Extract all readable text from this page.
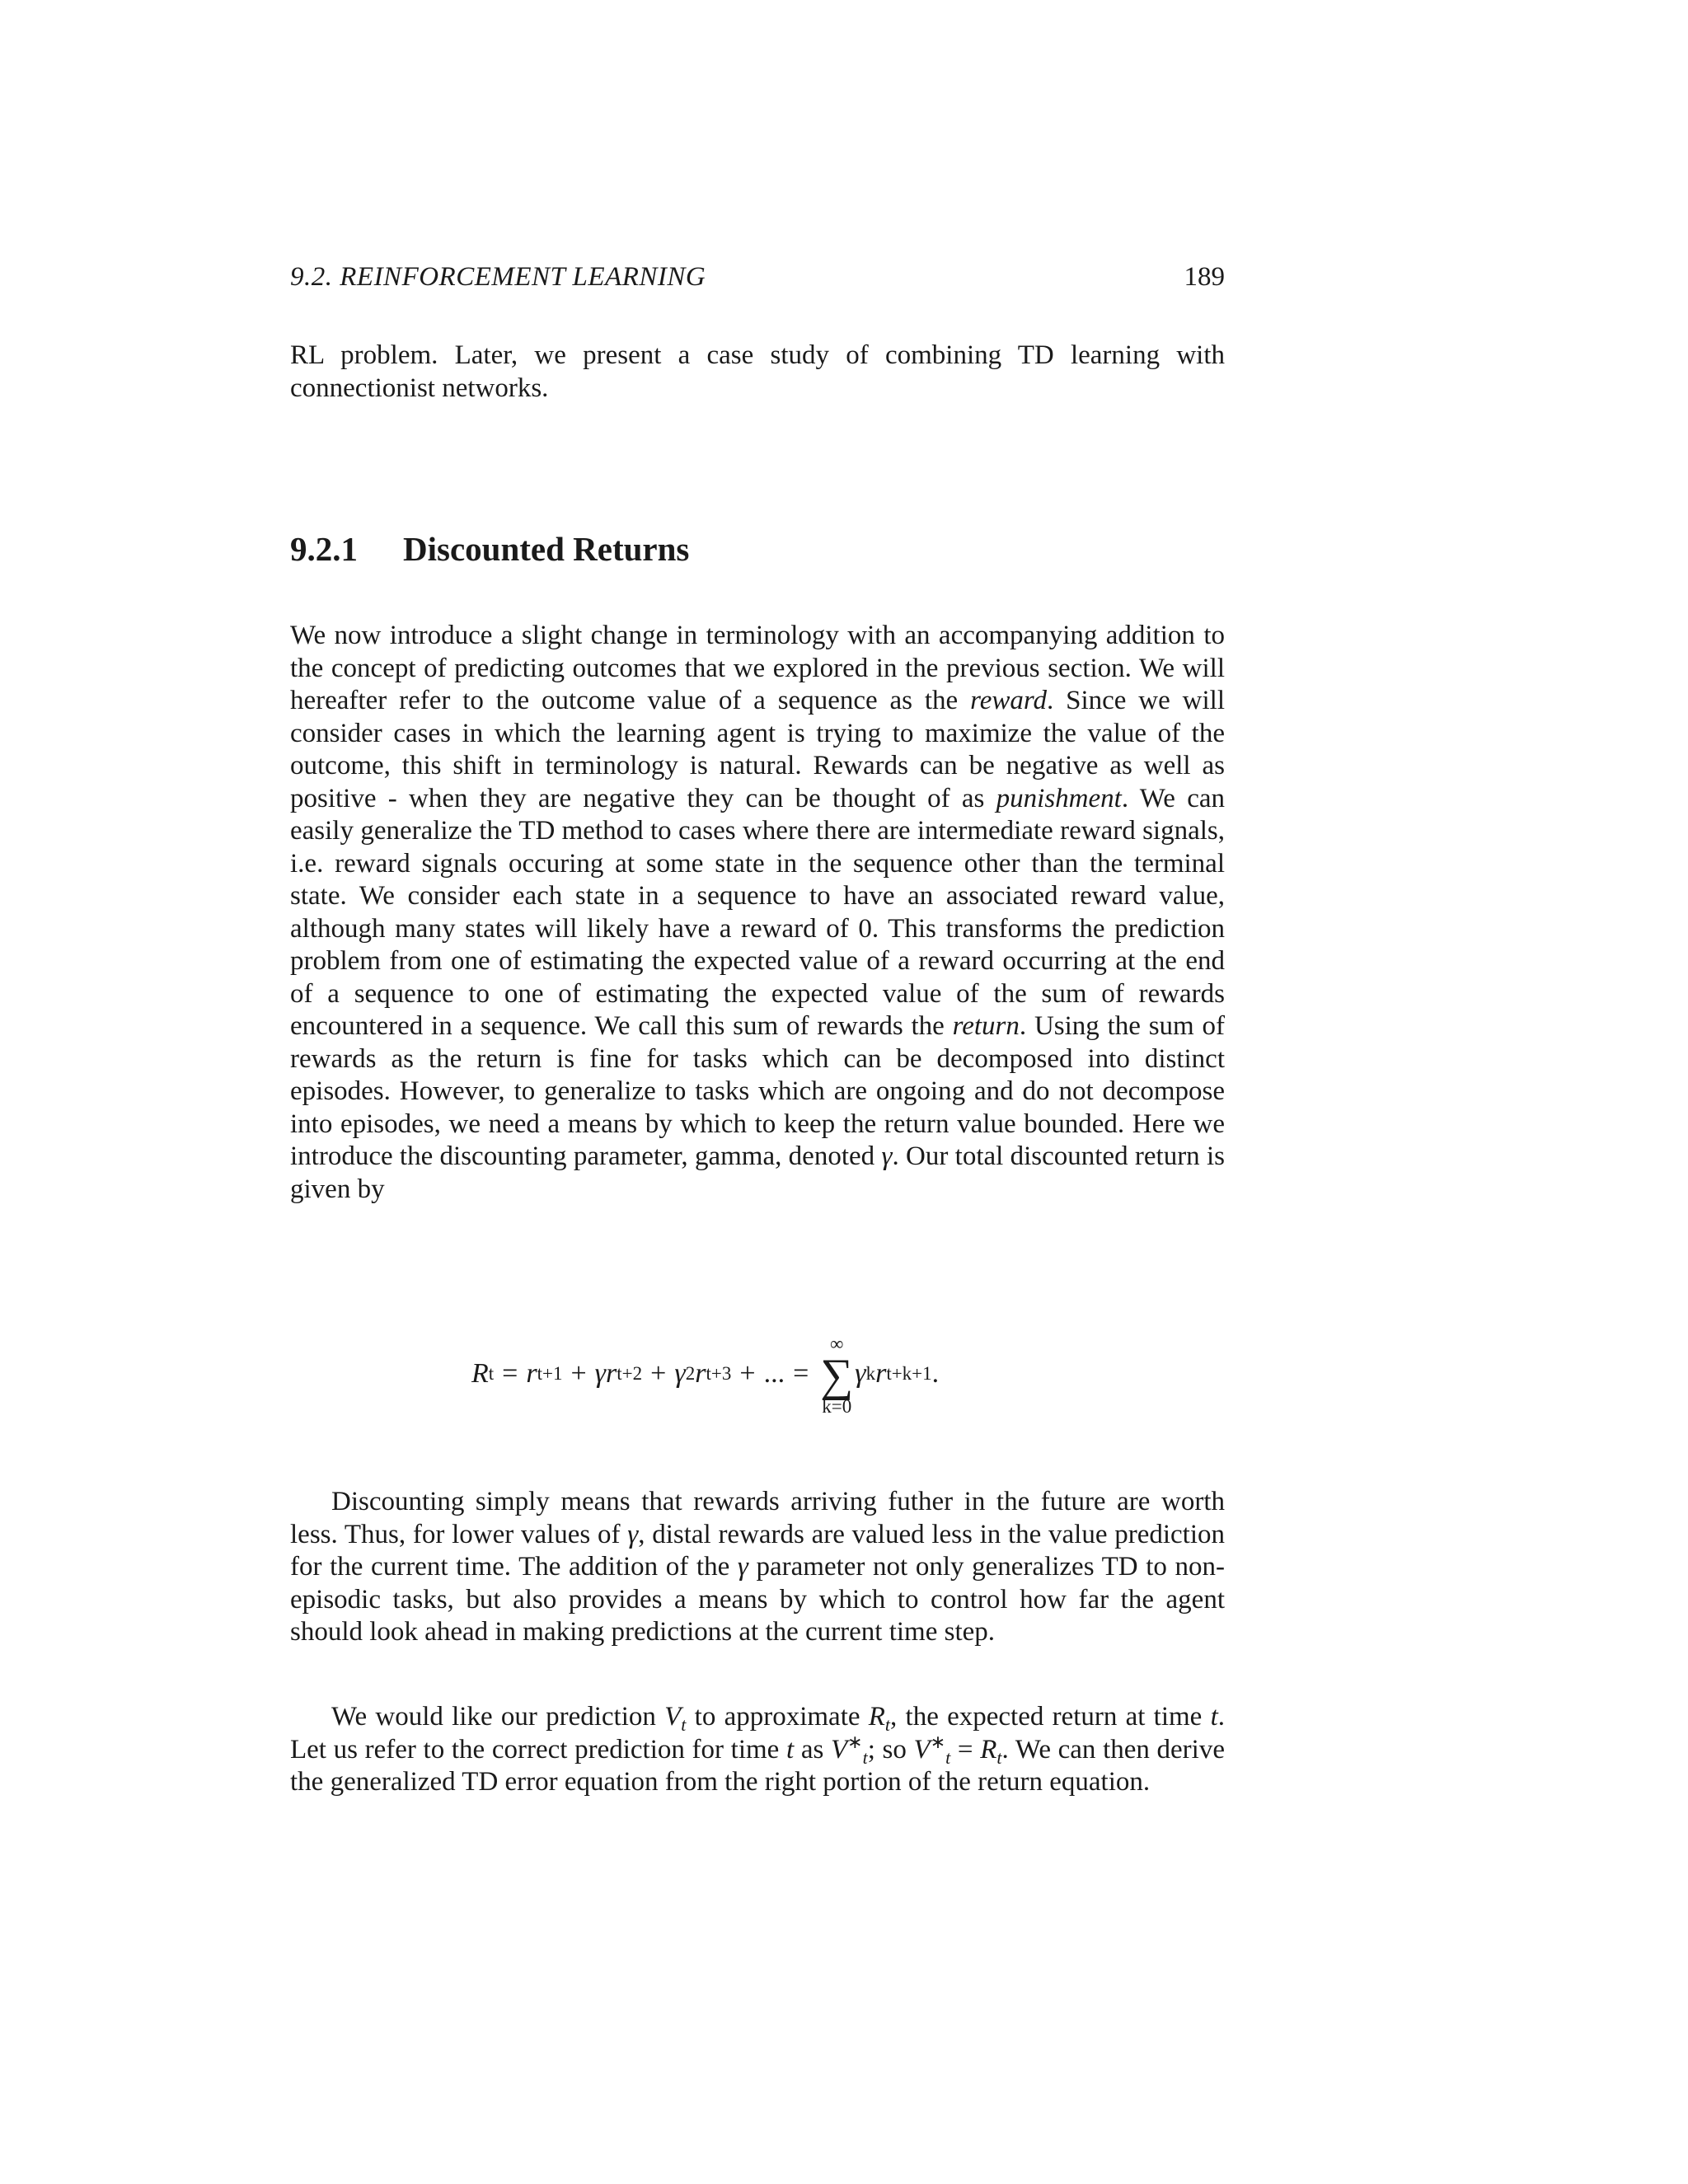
9.2. REINFORCEMENT LEARNING	189

RL problem. Later, we present a case study of combining TD learning with connectionist networks.

9.2.1	Discounted Returns

We now introduce a slight change in terminology with an accompanying addition to the concept of predicting outcomes that we explored in the previous section. We will hereafter refer to the outcome value of a sequence as the reward. Since we will consider cases in which the learning agent is trying to maximize the value of the outcome, this shift in terminology is natural. Rewards can be negative as well as positive - when they are negative they can be thought of as punishment. We can easily generalize the TD method to cases where there are intermediate reward signals, i.e. reward signals occuring at some state in the sequence other than the terminal state. We consider each state in a sequence to have an associated reward value, although many states will likely have a reward of 0. This transforms the prediction problem from one of estimating the expected value of a reward occurring at the end of a sequence to one of estimating the expected value of the sum of rewards encountered in a sequence. We call this sum of rewards the return. Using the sum of rewards as the return is fine for tasks which can be decomposed into distinct episodes. However, to generalize to tasks which are ongoing and do not decompose into episodes, we need a means by which to keep the return value bounded. Here we introduce the discounting parameter, gamma, denoted γ. Our total discounted return is given by

R t = r t+1 + γr t+2 + γ 2 r t+3 + ... =
∞
∑
k=0
γ k r t+k+1 .

Discounting simply means that rewards arriving futher in the future are worth less. Thus, for lower values of γ, distal rewards are valued less in the value prediction for the current time. The addition of the γ parameter not only generalizes TD to non-episodic tasks, but also provides a means by which to control how far the agent should look ahead in making predictions at the current time step.

We would like our prediction $V_t$ to approximate $R_t$, the expected return at time t. Let us refer to the correct prediction for time t as $V^∗_t$; so $V^∗_t = R_t$. We can then derive the generalized TD error equation from the right portion of the return equation.
